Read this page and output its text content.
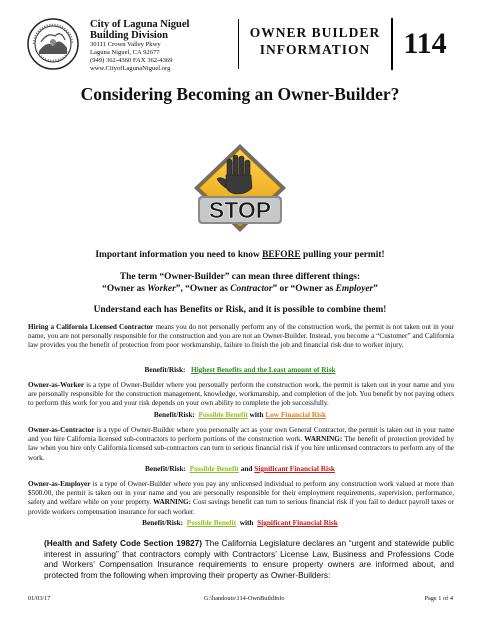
City of Laguna Niguel
Building Division
30111 Crown Valley Pkwy
Laguna Niguel, CA 92677
(949) 362-4360 FAX 362-4369
www.CityofLagunaNiguel.org
OWNER BUILDER
INFORMATION	114
Considering Becoming an Owner-Builder?
STOP
Important information you need to know BEFORE pulling your permit!
The term “Owner-Builder” can mean three different things:
“Owner as Worker”, “Owner as Contractor” or “Owner as Employer”
Understand each has Benefits or Risk, and it is possible to combine them!
Hiring a California Licensed Contractor means you do not personally perform any of the construction work, the permit is not taken out in your name, you are not personally responsible for the construction and you are not an Owner-Builder. Instead, you become a “Customer” and California law provides you the benefit of protection from poor workmanship, failure to finish the job and financial risk due to worker injury.
Benefit/Risk: Highest Benefits and the Least amount of Risk
Owner-as-Worker is a type of Owner-Builder where you personally perform the construction work, the permit is taken out in your name and you are personally responsible for the construction management, knowledge, workmanship, and completion of the job. You benefit by not paying others to perform this work for you and your risk depends on your own ability to complete the job successfully.
Benefit/Risk: Possible Benefit with Low Financial Risk
Owner-as-Contractor is a type of Owner-Builder where you personally act as your own General Contractor, the permit is taken out in your name and you hire California licensed sub-contractors to perform portions of the construction work. WARNING: The benefit of protection provided by law when you hire only California licensed sub-contractors can turn to serious financial risk if you hire unlicensed contractors to perform any of the work.
Benefit/Risk: Possible Benefit and Significant Financial Risk
Owner-as-Employer is a type of Owner-Builder where you pay any unlicensed individual to perform any construction work valued at more than $500.00, the permit is taken out in your name and you are personally responsible for their employment requirements, supervision, performance, safety and welfare while on your property. WARNING: Cost savings benefit can turn to serious financial risk if you fail to deduct payroll taxes or provide workers compensation insurance for each worker.
Benefit/Risk: Possible Benefit  with  Significant Financial Risk
(Health and Safety Code Section 19827) The California Legislature declares an “urgent and statewide public interest in assuring” that contractors comply with Contractors’ License Law, Business and Professions Code and Workers’ Compensation Insurance requirements to ensure property owners are informed about, and protected from the following when improving their property as Owner-Builders:
01/03/17	G:\handouts\114-OwnBuildInfo	Page 1 of 4
